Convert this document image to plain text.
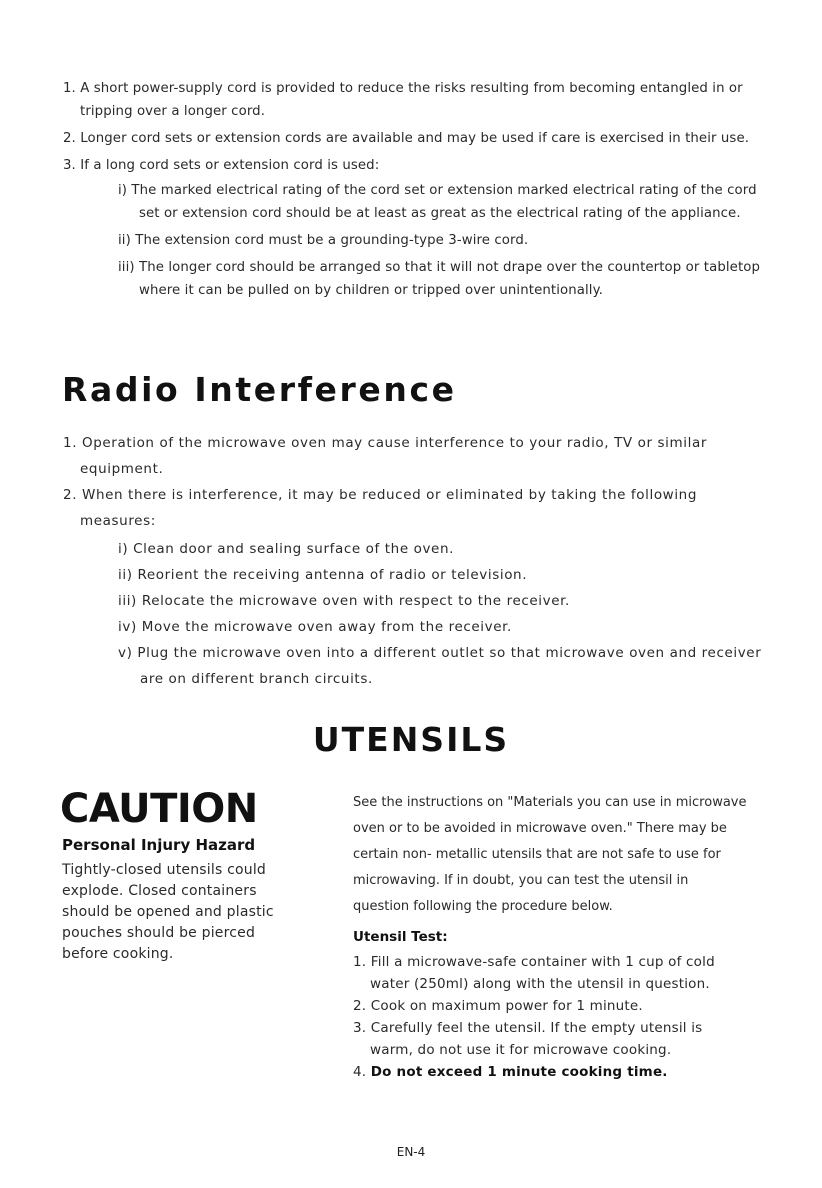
1. A short power-supply cord is provided to reduce the risks resulting from becoming entangled in or tripping over a longer cord.
2. Longer cord sets or extension cords are available and may be used if care is exercised in their use.
3. If a long cord sets or extension cord is used:
i) The marked electrical rating of the cord set or extension marked electrical rating of the cord set or extension cord should be at least as great as the electrical rating of the appliance.
ii) The extension cord must be a grounding-type 3-wire cord.
iii) The longer cord should be arranged so that it will not drape over the countertop or tabletop where it can be pulled on by children or tripped over unintentionally.
Radio Interference
1. Operation of the microwave oven may cause interference to your radio, TV or similar equipment.
2. When there is interference, it may be reduced or eliminated by taking the following measures:
i) Clean door and sealing surface of the oven.
ii) Reorient the receiving antenna of radio or television.
iii) Relocate the microwave oven with respect to the receiver.
iv) Move the microwave oven away from the receiver.
v) Plug the microwave oven into a different outlet so that microwave oven and receiver are on different branch circuits.
UTENSILS
CAUTION
Personal Injury Hazard
Tightly-closed utensils could explode. Closed containers should be opened and plastic pouches should be pierced before cooking.
See the instructions on "Materials you can use in microwave oven or to be avoided in microwave oven." There may be certain non- metallic utensils that are not safe to use for microwaving. If in doubt, you can test the utensil in question following the procedure below.
Utensil Test:
1. Fill a microwave-safe container with 1 cup of cold water (250ml) along with the utensil in question.
2. Cook on maximum power for 1 minute.
3. Carefully feel the utensil. If the empty utensil is warm, do not use it for microwave cooking.
4. Do not exceed 1 minute cooking time.
EN-4
